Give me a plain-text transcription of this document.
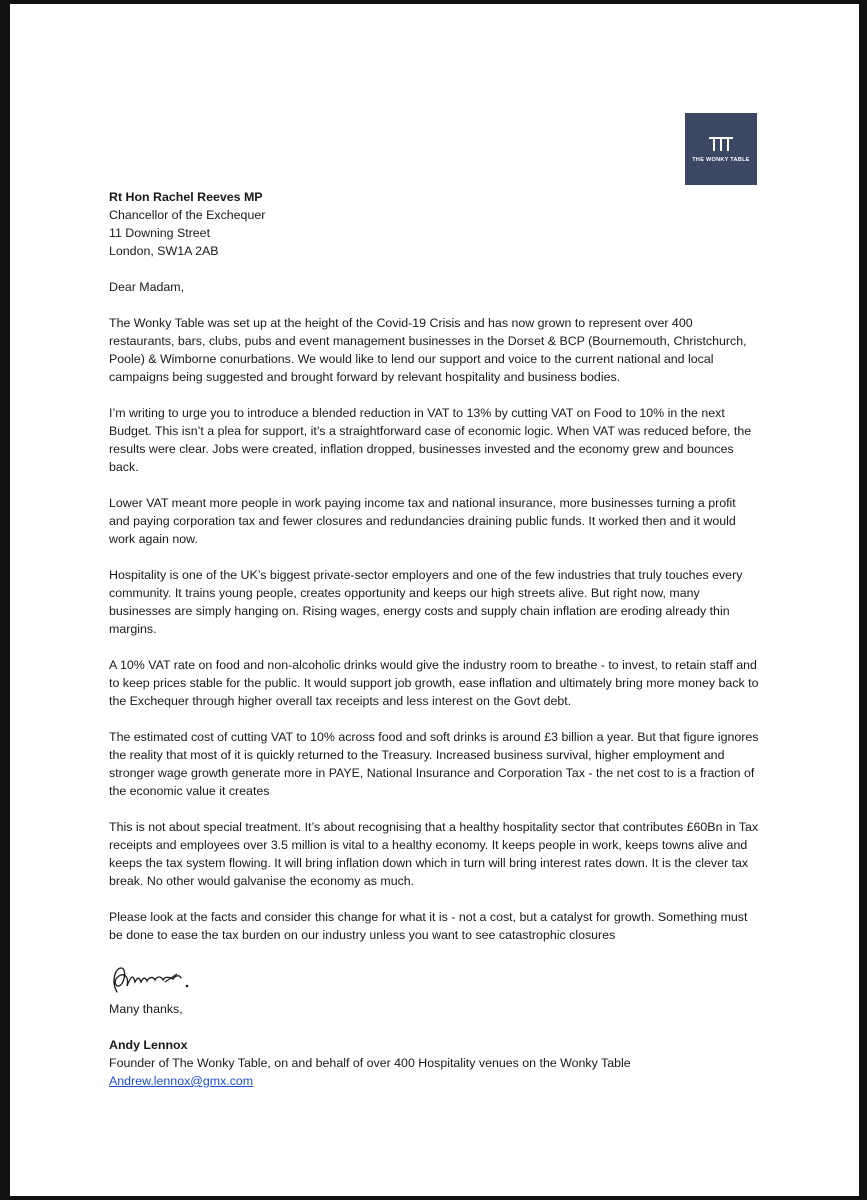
THE WONKY TABLE

Rt Hon Rachel Reeves MP

Chancellor of the Exchequer

11 Downing Street

London, SW1A 2AB

Dear Madam,

The Wonky Table was set up at the height of the Covid-19 Crisis and has now grown to represent over 400 restaurants, bars, clubs, pubs and event management businesses in the Dorset & BCP (Bournemouth, Christchurch, Poole) & Wimborne conurbations. We would like to lend our support and voice to the current national and local campaigns being suggested and brought forward by relevant hospitality and business bodies.

I’m writing to urge you to introduce a blended reduction in VAT to 13% by cutting VAT on Food to 10% in the next Budget. This isn’t a plea for support, it’s a straightforward case of economic logic. When VAT was reduced before, the results were clear. Jobs were created, inflation dropped, businesses invested and the economy grew and bounces back.

Lower VAT meant more people in work paying income tax and national insurance, more businesses turning a profit and paying corporation tax and fewer closures and redundancies draining public funds. It worked then and it would work again now.

Hospitality is one of the UK’s biggest private-sector employers and one of the few industries that truly touches every community. It trains young people, creates opportunity and keeps our high streets alive. But right now, many businesses are simply hanging on. Rising wages, energy costs and supply chain inflation are eroding already thin margins.

A 10% VAT rate on food and non-alcoholic drinks would give the industry room to breathe - to invest, to retain staff and to keep prices stable for the public. It would support job growth, ease inflation and ultimately bring more money back to the Exchequer through higher overall tax receipts and less interest on the Govt debt.

The estimated cost of cutting VAT to 10% across food and soft drinks is around £3 billion a year. But that figure ignores the reality that most of it is quickly returned to the Treasury. Increased business survival, higher employment and stronger wage growth generate more in PAYE, National Insurance and Corporation Tax - the net cost to is a fraction of the economic value it creates

This is not about special treatment. It’s about recognising that a healthy hospitality sector that contributes £60Bn in Tax receipts and employees over 3.5 million is vital to a healthy economy. It keeps people in work, keeps towns alive and keeps the tax system flowing. It will bring inflation down which in turn will bring interest rates down. It is the clever tax break. No other would galvanise the economy as much.

Please look at the facts and consider this change for what it is - not a cost, but a catalyst for growth. Something must be done to ease the tax burden on our industry unless you want to see catastrophic closures

Many thanks,

Andy Lennox

Founder of The Wonky Table, on and behalf of over 400 Hospitality venues on the Wonky Table

Andrew.lennox@gmx.com
